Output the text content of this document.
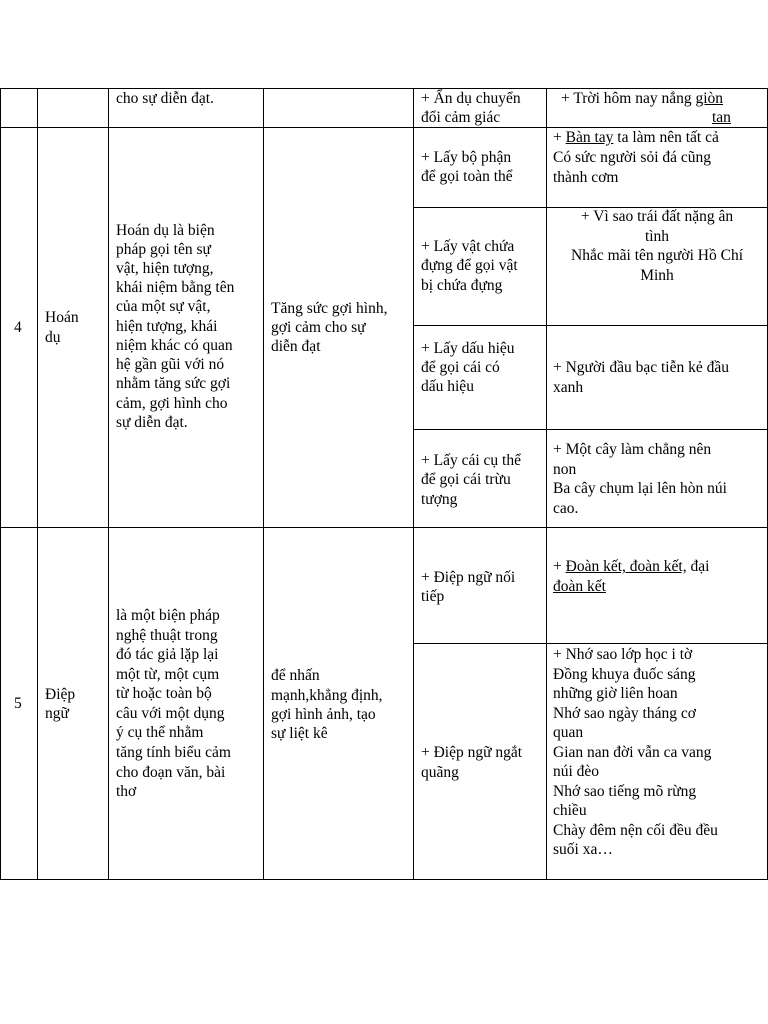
cho sự diễn đạt.	+ Ẩn dụ chuyển
đổi cảm giác
+ Trời hôm nay nắng giòn
tan
4
Hoán
dụ
Hoán dụ là biện
pháp gọi tên sự
vật, hiện tượng,
khái niệm bằng tên
của một sự vật,
hiện tượng, khái
niệm khác có quan
hệ gần gũi với nó
nhằm tăng sức gợi
cảm, gợi hình cho
sự diễn đạt.
Tăng sức gợi hình,
gợi cảm cho sự
diễn đạt
+ Lấy bộ phận
để gọi toàn thể
+ Bàn tay ta làm nên tất cả
Có sức người sỏi đá cũng
thành cơm
+ Lấy vật chứa
đựng để gọi vật
bị chứa đựng
+ Vì sao trái đất nặng ân
tình
Nhắc mãi tên người Hồ Chí
Minh
+ Lấy dấu hiệu
để gọi cái có
dấu hiệu
+ Người đầu bạc tiễn kẻ đầu
xanh
+ Lấy cái cụ thể
để gọi cái trừu
tượng
+ Một cây làm chẳng nên
non
Ba cây chụm lại lên hòn núi
cao.
5
Điệp
ngữ
là một biện pháp
nghệ thuật trong
đó tác giả lặp lại
một từ, một cụm
từ hoặc toàn bộ
câu với một dụng
ý cụ thể nhằm
tăng tính biểu cảm
cho đoạn văn, bài
thơ
để nhấn
mạnh,khẳng định,
gợi hình ảnh, tạo
sự liệt kê
+ Điệp ngữ nối
tiếp
+ Đoàn kết, đoàn kết, đại
đoàn kết
+ Điệp ngữ ngắt
quãng
+ Nhớ sao lớp học i tờ
Đồng khuya đuốc sáng
những giờ liên hoan
Nhớ sao ngày tháng cơ
quan
Gian nan đời vẫn ca vang
núi đèo
Nhớ sao tiếng mõ rừng
chiều
Chày đêm nện cối đều đều
suối xa…
